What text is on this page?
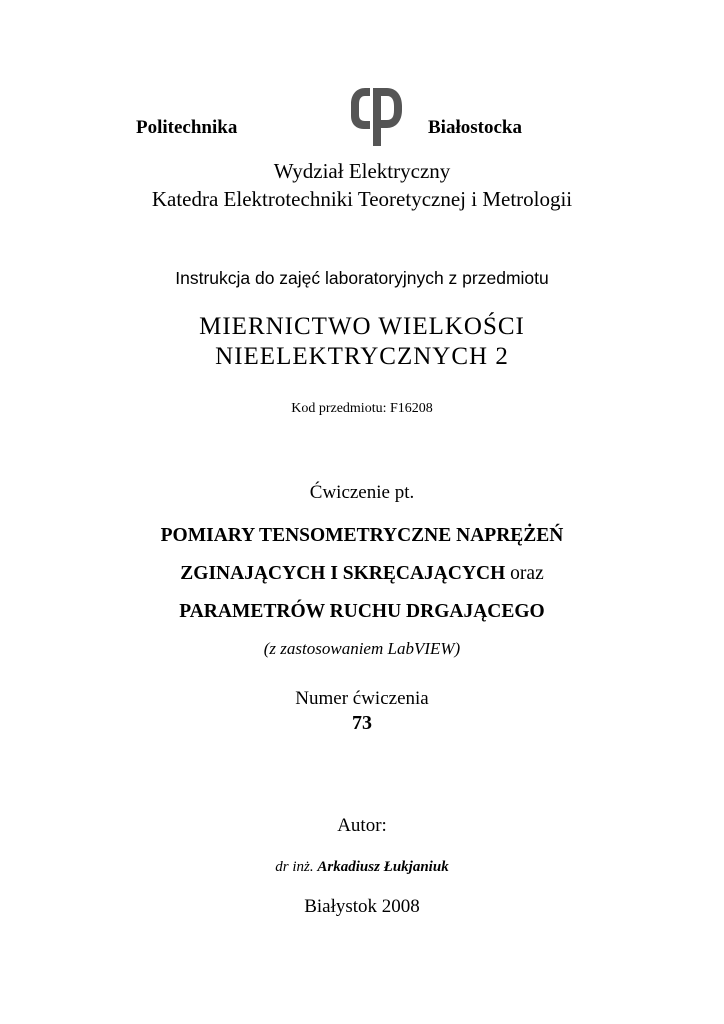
Politechnika	Białostocka
Wydział Elektryczny
Katedra Elektrotechniki Teoretycznej i Metrologii
Instrukcja do zajęć laboratoryjnych z przedmiotu
MIERNICTWO WIELKOŚCI
NIEELEKTRYCZNYCH 2
Kod przedmiotu: F16208
Ćwiczenie pt.
POMIARY TENSOMETRYCZNE NAPRĘŻEŃ
ZGINAJĄCYCH I SKRĘCAJĄCYCH oraz
PARAMETRÓW RUCHU DRGAJĄCEGO
(z zastosowaniem LabVIEW)
Numer ćwiczenia
73
Autor:
dr inż. Arkadiusz Łukjaniuk
Białystok 2008
